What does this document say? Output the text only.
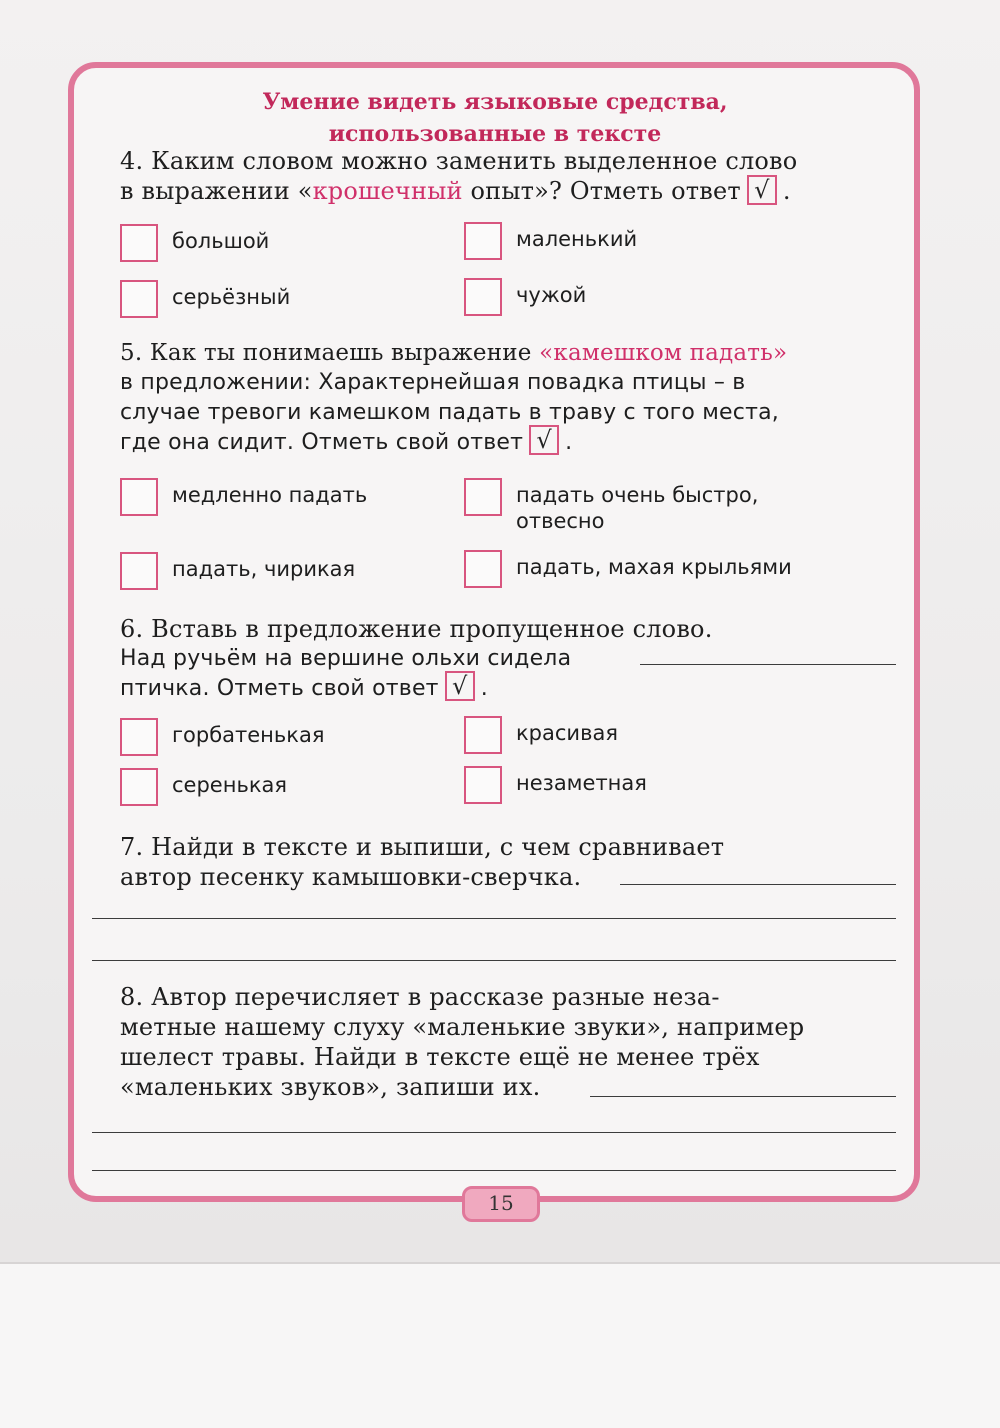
Умение видеть языковые средства,
использованные в тексте
4. Каким словом можно заменить выделенное слово
в выражении «крошечный опыт»? Отметь ответ √ .
большой	маленький
серьёзный	чужой
5. Как ты понимаешь выражение «камешком падать»
в предложении: Характернейшая повадка птицы – в
случае тревоги камешком падать в траву с того места,
где она сидит. Отметь свой ответ √ .
медленно падать	падать очень быстро, отвесно
падать, чирикая	падать, махая крыльями
6. Вставь в предложение пропущенное слово.
Над ручьём на вершине ольхи сидела
птичка. Отметь свой ответ √ .
горбатенькая	красивая
серенькая	незаметная
7. Найди в тексте и выпиши, с чем сравнивает
автор песенку камышовки-сверчка.
8. Автор перечисляет в рассказе разные неза-
метные нашему слуху «маленькие звуки», например
шелест травы. Найди в тексте ещё не менее трёх
«маленьких звуков», запиши их.
15
